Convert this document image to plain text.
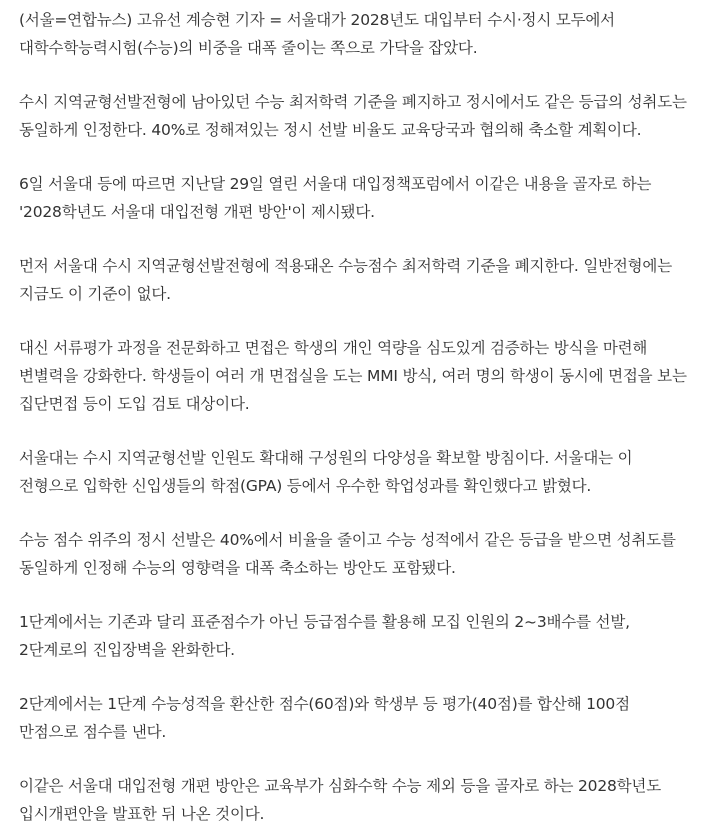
(서울=연합뉴스) 고유선 계승현 기자 = 서울대가 2028년도 대입부터 수시·정시 모두에서 대학수학능력시험(수능)의 비중을 대폭 줄이는 쪽으로 가닥을 잡았다.

수시 지역균형선발전형에 남아있던 수능 최저학력 기준을 폐지하고 정시에서도 같은 등급의 성취도는 동일하게 인정한다. 40%로 정해져있는 정시 선발 비율도 교육당국과 협의해 축소할 계획이다.

6일 서울대 등에 따르면 지난달 29일 열린 서울대 대입정책포럼에서 이같은 내용을 골자로 하는 '2028학년도 서울대 대입전형 개편 방안'이 제시됐다.

먼저 서울대 수시 지역균형선발전형에 적용돼온 수능점수 최저학력 기준을 폐지한다. 일반전형에는 지금도 이 기준이 없다.

대신 서류평가 과정을 전문화하고 면접은 학생의 개인 역량을 심도있게 검증하는 방식을 마련해 변별력을 강화한다. 학생들이 여러 개 면접실을 도는 MMI 방식, 여러 명의 학생이 동시에 면접을 보는 집단면접 등이 도입 검토 대상이다.

서울대는 수시 지역균형선발 인원도 확대해 구성원의 다양성을 확보할 방침이다. 서울대는 이 전형으로 입학한 신입생들의 학점(GPA) 등에서 우수한 학업성과를 확인했다고 밝혔다.

수능 점수 위주의 정시 선발은 40%에서 비율을 줄이고 수능 성적에서 같은 등급을 받으면 성취도를 동일하게 인정해 수능의 영향력을 대폭 축소하는 방안도 포함됐다.

1단계에서는 기존과 달리 표준점수가 아닌 등급점수를 활용해 모집 인원의 2~3배수를 선발, 2단계로의 진입장벽을 완화한다.

2단계에서는 1단계 수능성적을 환산한 점수(60점)와 학생부 등 평가(40점)를 합산해 100점 만점으로 점수를 낸다.

이같은 서울대 대입전형 개편 방안은 교육부가 심화수학 수능 제외 등을 골자로 하는 2028학년도 입시개편안을 발표한 뒤 나온 것이다.
